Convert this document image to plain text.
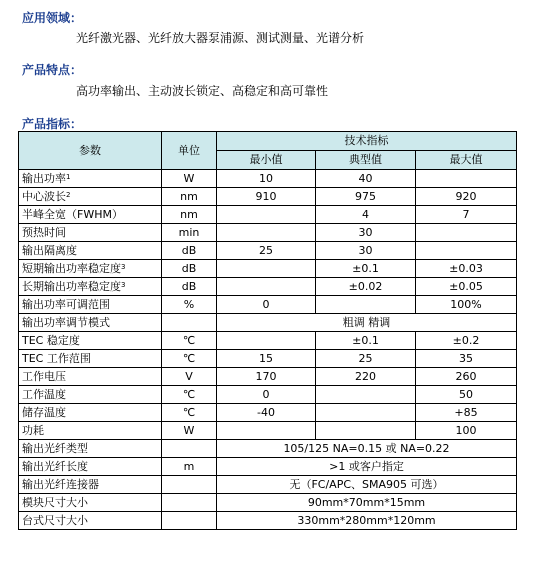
应用领域：
光纤激光器、光纤放大器泵浦源、测试测量、光谱分析
产品特点：
高功率输出、主动波长锁定、高稳定和高可靠性
产品指标：
参数	单位	技术指标		
		最小值	典型值	最大值
输出功率$^1$	W	10	40	
中心波长$^2$	nm	910	975	920
半峰全宽（FWHM）	nm		4	7
预热时间	min		30	
输出隔离度	dB	25	30	
短期输出功率稳定度$^3$	dB		±0.1	±0.03
长期输出功率稳定度$^3$	dB		±0.02	±0.05
输出功率可调范围	%	0		100%
输出功率调节模式		粗调 精调		
TEC 稳定度	℃		±0.1	±0.2
TEC 工作范围	℃	15	25	35
工作电压	V	170	220	260
工作温度	℃	0		50
储存温度	℃	-40		+85
功耗	W			100
输出光纤类型		105/125 NA=0.15 或 NA=0.22		
输出光纤长度	m	>1 或客户指定		
输出光纤连接器		无（FC/APC、SMA905 可选）		
模块尺寸大小		90mm*70mm*15mm		
台式尺寸大小		330mm*280mm*120mm		
